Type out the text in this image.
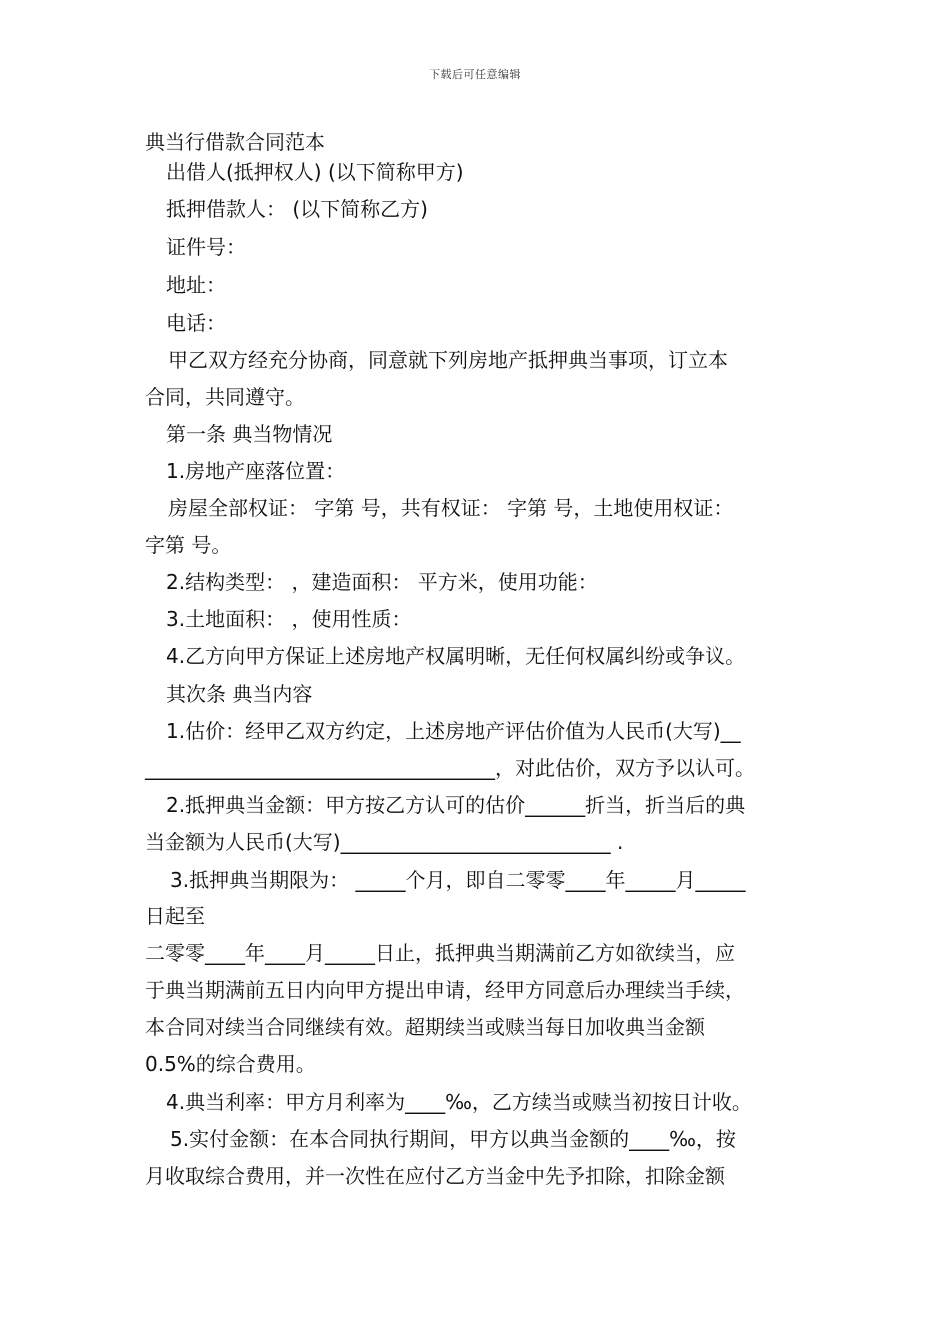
下载后可任意编辑
典当行借款合同范本
出借人(抵押权人) (以下简称甲方)
抵押借款人： (以下简称乙方)
证件号：
地址：
电话：
甲乙双方经充分协商，同意就下列房地产抵押典当事项，订立本
合同，共同遵守。
第一条 典当物情况
1.房地产座落位置：
房屋全部权证： 字第 号，共有权证： 字第 号，土地使用权证：
字第 号。
2.结构类型： ，建造面积： 平方米，使用功能：
3.土地面积： ，使用性质：
4.乙方向甲方保证上述房地产权属明晰，无任何权属纠纷或争议。
其次条 典当内容
1.估价：经甲乙双方约定，上述房地产评估价值为人民币(大写)__
___________________________________，对此估价，双方予以认可。
2.抵押典当金额：甲方按乙方认可的估价______折当，折当后的典
当金额为人民币(大写)___________________________ .
3.抵押典当期限为： _____个月，即自二零零____年_____月_____
日起至
二零零____年____月_____日止，抵押典当期满前乙方如欲续当，应
于典当期满前五日内向甲方提出申请，经甲方同意后办理续当手续，
本合同对续当合同继续有效。超期续当或赎当每日加收典当金额
0.5%的综合费用。
4.典当利率：甲方月利率为____‰，乙方续当或赎当初按日计收。
5.实付金额：在本合同执行期间，甲方以典当金额的____‰，按
月收取综合费用，并一次性在应付乙方当金中先予扣除，扣除金额
